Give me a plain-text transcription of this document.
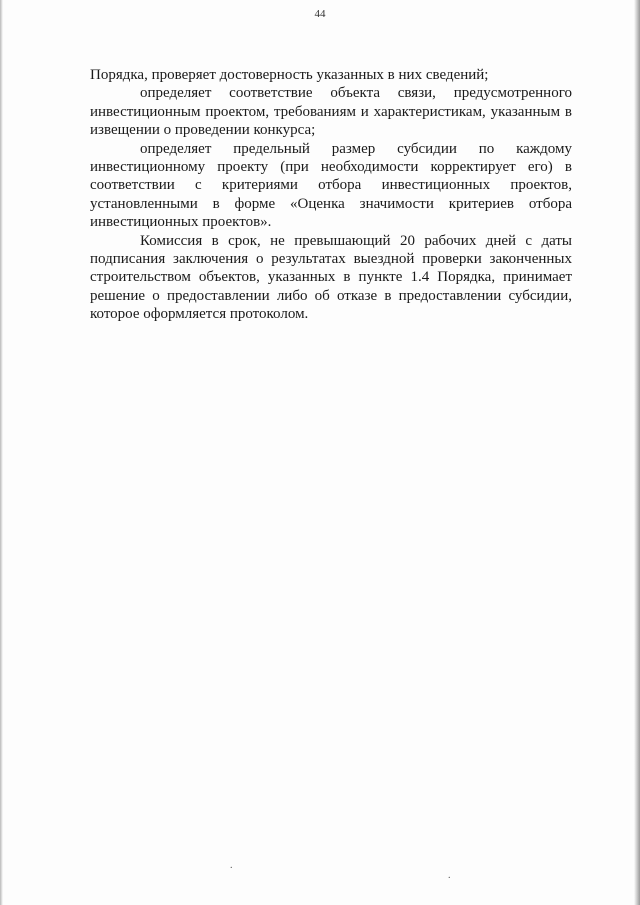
44

Порядка, проверяет достоверность указанных в них сведений;

определяет соответствие объекта связи, предусмотренного инвестиционным проектом, требованиям и характеристикам, указанным в извещении о проведении конкурса;

определяет предельный размер субсидии по каждому инвестиционному проекту (при необходимости корректирует его) в соответствии с критериями отбора инвестиционных проектов, установленными в форме «Оценка значимости критериев отбора инвестиционных проектов».

Комиссия в срок, не превышающий 20 рабочих дней с даты подписания заключения о результатах выездной проверки законченных строительством объектов, указанных в пункте 1.4 Порядка, принимает решение о предоставлении либо об отказе в предоставлении субсидии, которое оформляется протоколом.

.
.
